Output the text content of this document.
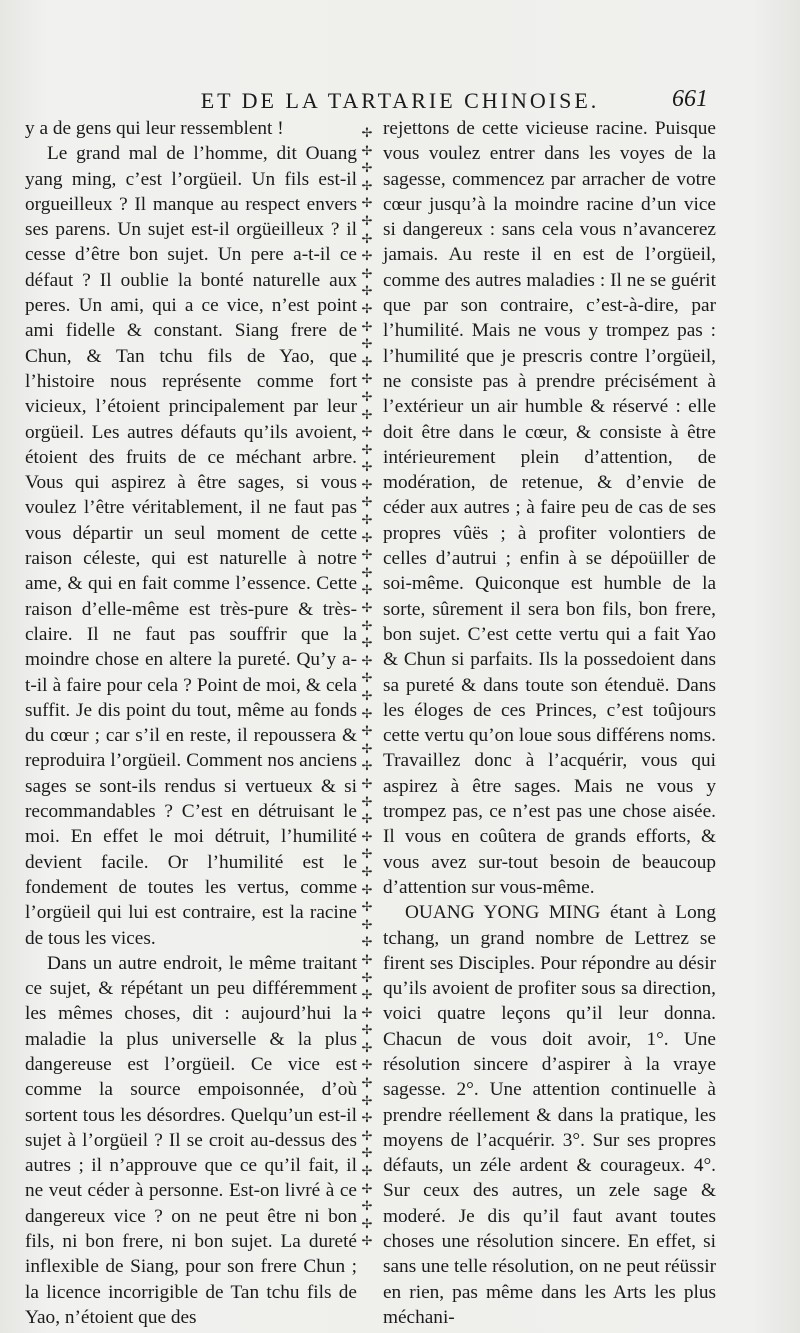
ET DE LA TARTARIE CHINOISE.	661

y a de gens qui leur ressemblent !

Le grand mal de l’homme, dit Ouang yang ming, c’est l’orgüeil. Un fils est-il orgueilleux ? Il manque au respect envers ses parens. Un sujet est-il orgüeilleux ? il cesse d’être bon sujet. Un pere a-t-il ce défaut ? Il oublie la bonté naturelle aux peres. Un ami, qui a ce vice, n’est point ami fidelle & constant. Siang frere de Chun, & Tan tchu fils de Yao, que l’histoire nous représente comme fort vicieux, l’étoient principalement par leur orgüeil. Les autres défauts qu’ils avoient, étoient des fruits de ce méchant arbre. Vous qui aspirez à être sages, si vous voulez l’être véritablement, il ne faut pas vous départir un seul moment de cette raison céleste, qui est naturelle à notre ame, & qui en fait comme l’essence. Cette raison d’elle-même est très-pure & très-claire. Il ne faut pas souffrir que la moindre chose en altere la pureté. Qu’y a-t-il à faire pour cela ? Point de moi, & cela suffit. Je dis point du tout, même au fonds du cœur ; car s’il en reste, il repoussera & reproduira l’orgüeil. Comment nos anciens sages se sont-ils rendus si vertueux & si recommandables ? C’est en détruisant le moi. En effet le moi détruit, l’humilité devient facile. Or l’humilité est le fondement de toutes les vertus, comme l’orgüeil qui lui est contraire, est la racine de tous les vices.

Dans un autre endroit, le même traitant ce sujet, & répétant un peu différemment les mêmes choses, dit : aujourd’hui la maladie la plus universelle & la plus dangereuse est l’orgüeil. Ce vice est comme la source empoisonnée, d’où sortent tous les désordres. Quelqu’un est-il sujet à l’orgüeil ? Il se croit au-dessus des autres ; il n’approuve que ce qu’il fait, il ne veut céder à personne. Est-on livré à ce dangereux vice ? on ne peut être ni bon fils, ni bon frere, ni bon sujet. La dureté inflexible de Siang, pour son frere Chun ; la licence incorrigible de Tan tchu fils de Yao, n’étoient que des

✢
✢
✢
✢
✢
✢
✢
✢
✢
✢
✢
✢
✢
✢
✢
✢
✢
✢
✢
✢
✢
✢
✢
✢
✢
✢
✢
✢
✢
✢
✢
✢
✢
✢
✢
✢
✢
✢
✢
✢
✢
✢
✢
✢
✢
✢
✢
✢
✢
✢
✢
✢
✢
✢
✢
✢
✢
✢
✢
✢
✢
✢
✢
✢

rejettons de cette vicieuse racine. Puisque vous voulez entrer dans les voyes de la sagesse, commencez par arracher de votre cœur jusqu’à la moindre racine d’un vice si dangereux : sans cela vous n’avancerez jamais. Au reste il en est de l’orgüeil, comme des autres maladies : Il ne se guérit que par son contraire, c’est-à-dire, par l’humilité. Mais ne vous y trompez pas : l’humilité que je prescris contre l’orgüeil, ne consiste pas à prendre précisément à l’extérieur un air humble & réservé : elle doit être dans le cœur, & consiste à être intérieurement plein d’attention, de modération, de retenue, & d’envie de céder aux autres ; à faire peu de cas de ses propres vûës ; à profiter volontiers de celles d’autrui ; enfin à se dépoüiller de soi-même. Quiconque est humble de la sorte, sûrement il sera bon fils, bon frere, bon sujet. C’est cette vertu qui a fait Yao & Chun si parfaits. Ils la possedoient dans sa pureté & dans toute son étenduë. Dans les éloges de ces Princes, c’est toûjours cette vertu qu’on loue sous différens noms. Travaillez donc à l’acquérir, vous qui aspirez à être sages. Mais ne vous y trompez pas, ce n’est pas une chose aisée. Il vous en coûtera de grands efforts, & vous avez sur-tout besoin de beaucoup d’attention sur vous-même.

OUANG YONG MING étant à Long tchang, un grand nombre de Lettrez se firent ses Disciples. Pour répondre au désir qu’ils avoient de profiter sous sa direction, voici quatre leçons qu’il leur donna. Chacun de vous doit avoir, 1°. Une résolution sincere d’aspirer à la vraye sagesse. 2°. Une attention continuelle à prendre réellement & dans la pratique, les moyens de l’acquérir. 3°. Sur ses propres défauts, un zéle ardent & courageux. 4°. Sur ceux des autres, un zele sage & moderé. Je dis qu’il faut avant toutes choses une résolution sincere. En effet, si sans une telle résolution, on ne peut réüssir en rien, pas même dans les Arts les plus méchani-
